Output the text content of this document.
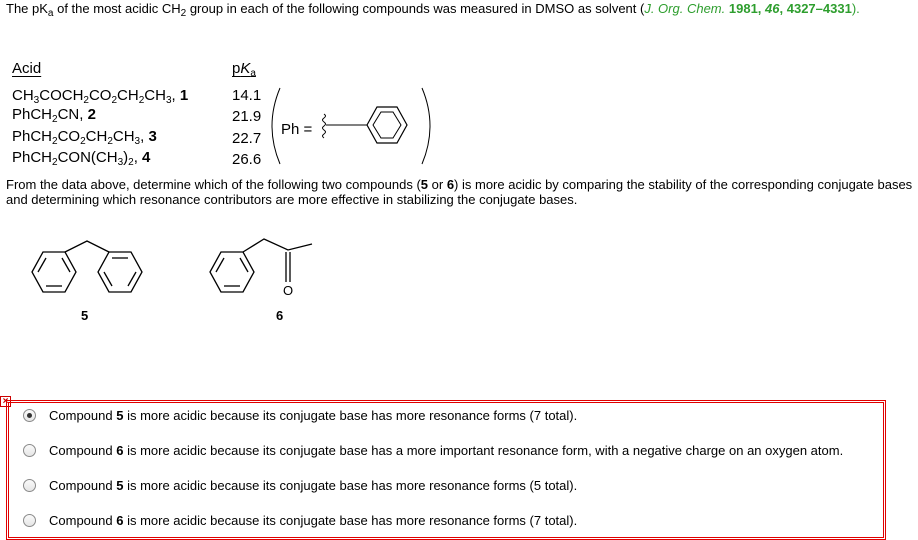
The $pK_a$ of the most acidic $CH_2$ group in each of the following compounds was measured in DMSO as solvent (J. Org. Chem. 1981, 46, 4327–4331).
Acid	$pK_a$
$CH_3COCH_2CO_2CH_2CH_3$, 1
PhCH$_2$CN, 2
$PhCH_2CO_2CH_2CH_3$, 3
$PhCH_2CON(CH_3)_2$, 4
14.1
21.9
22.7
26.6
Ph =
From the data above, determine which of the following two compounds (5 or 6) is more acidic by comparing the stability of the corresponding conjugate bases and determining which resonance contributors are more effective in stabilizing the conjugate bases.
O
5	6
×
Compound 5 is more acidic because its conjugate base has more resonance forms (7 total).
Compound 6 is more acidic because its conjugate base has a more important resonance form, with a negative charge on an oxygen atom.
Compound 5 is more acidic because its conjugate base has more resonance forms (5 total).
Compound 6 is more acidic because its conjugate base has more resonance forms (7 total).
